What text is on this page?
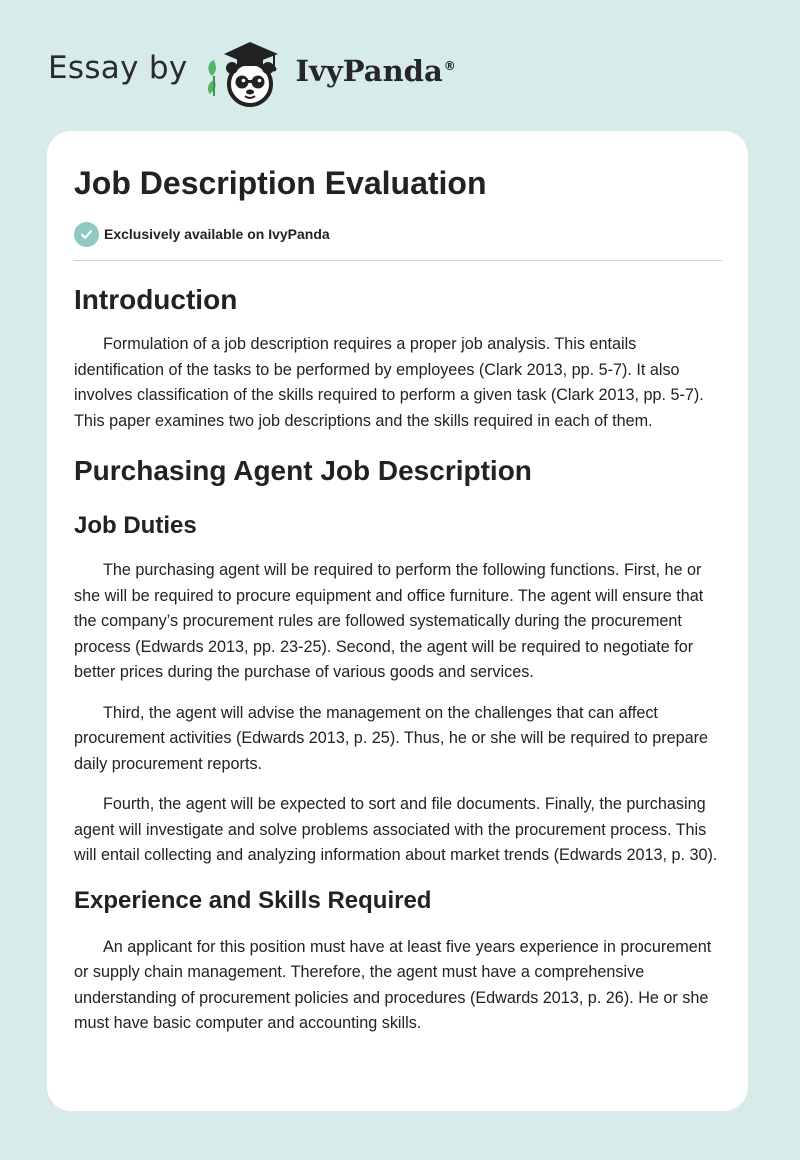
Essay by	IvyPanda®
Job Description Evaluation
Exclusively available on IvyPanda
Introduction

Formulation of a job description requires a proper job analysis. This entails identification of the tasks to be performed by employees (Clark 2013, pp. 5-7). It also involves classification of the skills required to perform a given task (Clark 2013, pp. 5-7). This paper examines two job descriptions and the skills required in each of them.

Purchasing Agent Job Description
Job Duties

The purchasing agent will be required to perform the following functions. First, he or she will be required to procure equipment and office furniture. The agent will ensure that the company’s procurement rules are followed systematically during the procurement process (Edwards 2013, pp. 23-25). Second, the agent will be required to negotiate for better prices during the purchase of various goods and services.

Third, the agent will advise the management on the challenges that can affect procurement activities (Edwards 2013, p. 25). Thus, he or she will be required to prepare daily procurement reports.

Fourth, the agent will be expected to sort and file documents. Finally, the purchasing agent will investigate and solve problems associated with the procurement process. This will entail collecting and analyzing information about market trends (Edwards 2013, p. 30).

Experience and Skills Required

An applicant for this position must have at least five years experience in procurement or supply chain management. Therefore, the agent must have a comprehensive understanding of procurement policies and procedures (Edwards 2013, p. 26). He or she must have basic computer and accounting skills.
